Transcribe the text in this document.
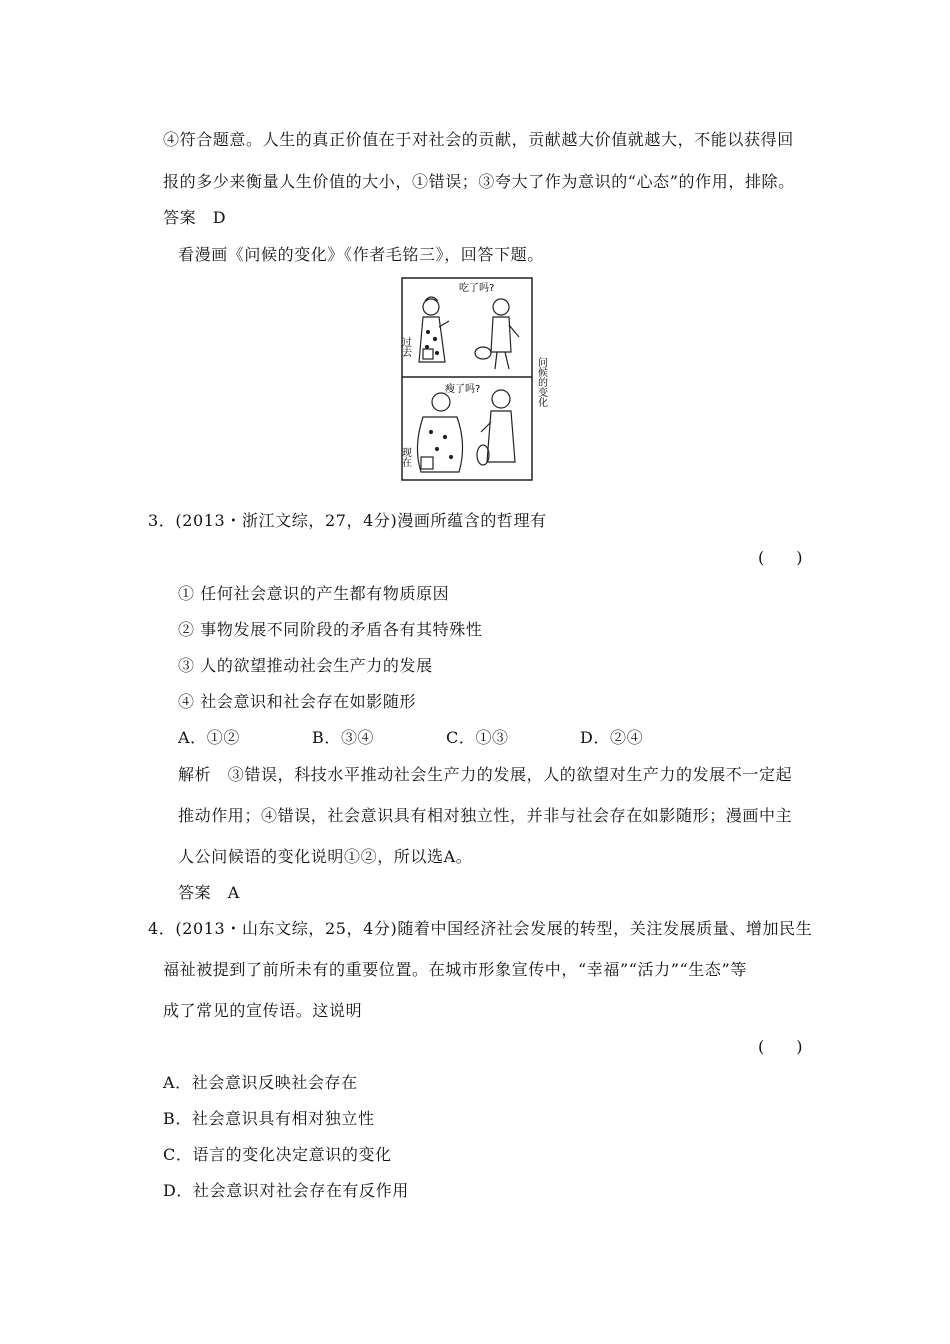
④符合题意。人生的真正价值在于对社会的贡献，贡献越大价值就越大，不能以获得回
报的多少来衡量人生价值的大小，①错误；③夸大了作为意识的“心态”的作用，排除。
答案　D
看漫画《问候的变化》《作者毛铭三》，回答下题。
吃了吗?
过去
瘦了吗?
现在
问候的变化
3．(2013・浙江文综，27，4分)漫画所蕴含的哲理有
(　　)
① 任何社会意识的产生都有物质原因
② 事物发展不同阶段的矛盾各有其特殊性
③ 人的欲望推动社会生产力的发展
④ 社会意识和社会存在如影随形
A．①②	B．③④	C．①③	D．②④
解析　③错误，科技水平推动社会生产力的发展，人的欲望对生产力的发展不一定起
推动作用；④错误，社会意识具有相对独立性，并非与社会存在如影随形；漫画中主
人公问候语的变化说明①②，所以选A。
答案　A
4．(2013・山东文综，25，4分)随着中国经济社会发展的转型，关注发展质量、增加民生
福祉被提到了前所未有的重要位置。在城市形象宣传中，“幸福”“活力”“生态”等
成了常见的宣传语。这说明
(　　)
A．社会意识反映社会存在
B．社会意识具有相对独立性
C．语言的变化决定意识的变化
D．社会意识对社会存在有反作用
